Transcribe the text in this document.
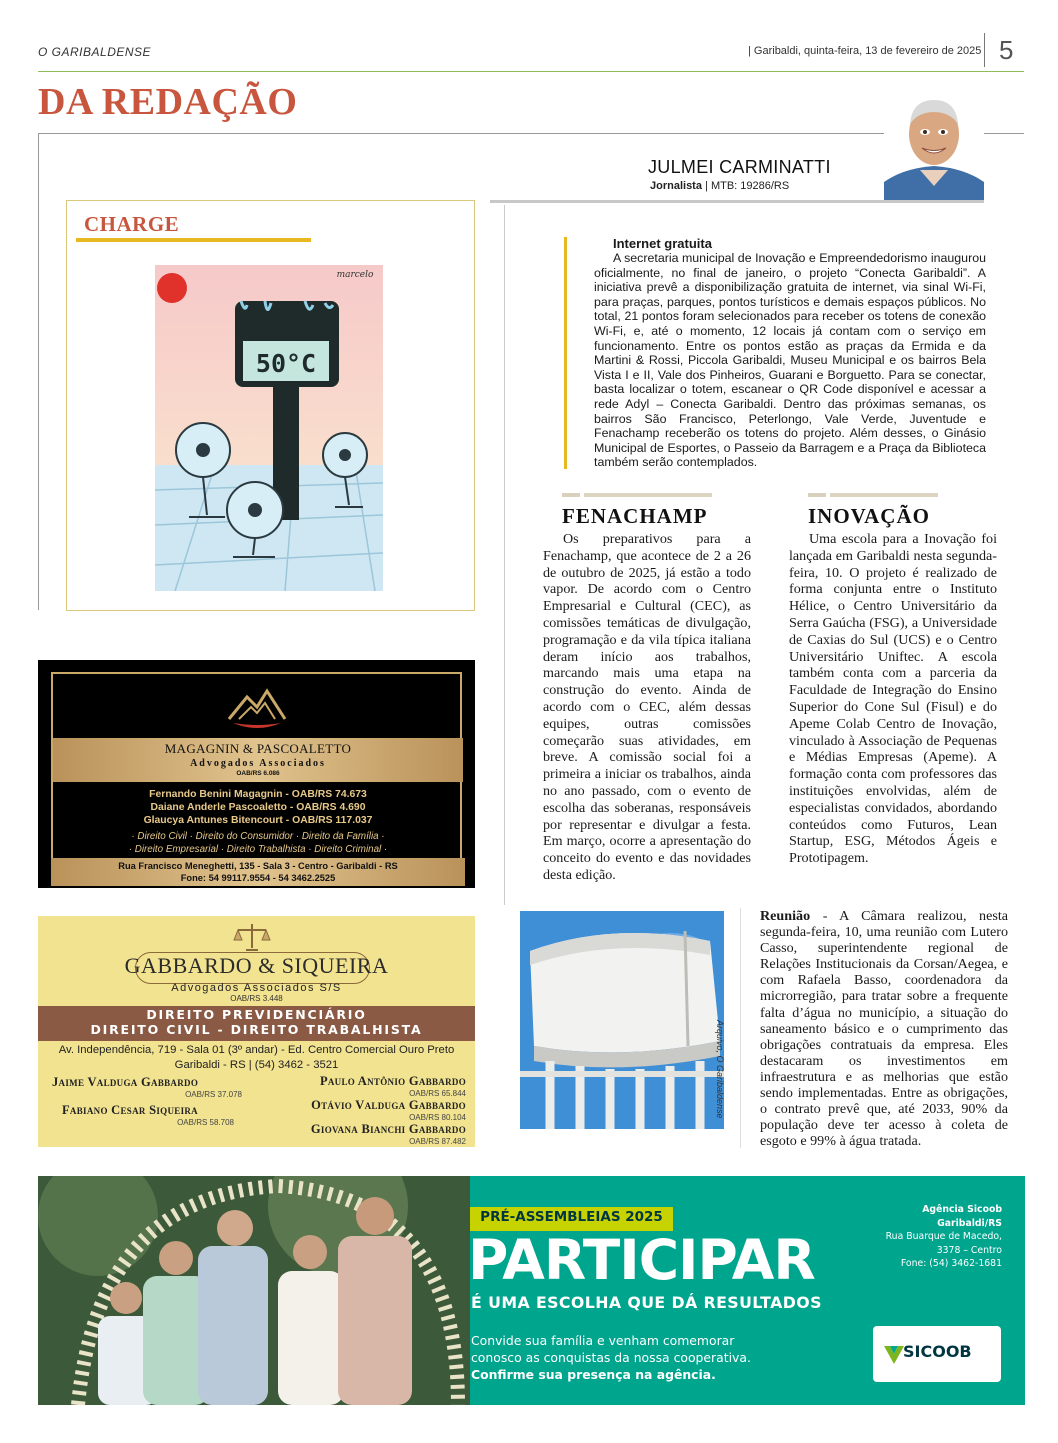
O GARIBALDENSE	| Garibaldi, quinta-feira, 13 de fevereiro de 2025 5
DA REDAÇÃO
JULMEI CARMINATTI
Jornalista | MTB: 19286/RS
CHARGE
50°C
marcelo
Internet gratuita

A secretaria municipal de Inovação e Empreendedorismo inaugurou oficialmente, no final de janeiro, o projeto “Conecta Garibaldi”. A iniciativa prevê a disponibilização gratuita de internet, via sinal Wi-Fi, para praças, parques, pontos turísticos e demais espaços públicos. No total, 21 pontos foram selecionados para receber os totens de conexão Wi-Fi, e, até o momento, 12 locais já contam com o serviço em funcionamento. Entre os pontos estão as praças da Ermida e da Martini & Rossi, Piccola Garibaldi, Museu Municipal e os bairros Bela Vista I e II, Vale dos Pinheiros, Guarani e Borguetto. Para se conectar, basta localizar o totem, escanear o QR Code disponível e acessar a rede Adyl – Conecta Garibaldi. Dentro das próximas semanas, os bairros São Francisco, Peterlongo, Vale Verde, Juventude e Fenachamp receberão os totens do projeto. Além desses, o Ginásio Municipal de Esportes, o Passeio da Barragem e a Praça da Biblioteca também serão contemplados.

FENACHAMP

Os preparativos para a Fenachamp, que acontece de 2 a 26 de outubro de 2025, já estão a todo vapor. De acordo com o Centro Empresarial e Cultural (CEC), as comissões temáticas de divulgação, programação e da vila típica italiana deram início aos trabalhos, marcando mais uma etapa na construção do evento. Ainda de acordo com o CEC, além dessas equipes, outras comissões começarão suas atividades, em breve. A comissão social foi a primeira a iniciar os trabalhos, ainda no ano passado, com o evento de escolha das soberanas, responsáveis por representar e divulgar a festa. Em março, ocorre a apresentação do conceito do evento e das novidades desta edição.

INOVAÇÃO

Uma escola para a Inovação foi lançada em Garibaldi nesta segunda-feira, 10. O projeto é realizado de forma conjunta entre o Instituto Hélice, o Centro Universitário da Serra Gaúcha (FSG), a Universidade de Caxias do Sul (UCS) e o Centro Universitário Uniftec. A escola também conta com a parceria da Faculdade de Integração do Ensino Superior do Cone Sul (Fisul) e do Apeme Colab Centro de Inovação, vinculado à Associação de Pequenas e Médias Empresas (Apeme). A formação conta com professores das instituições envolvidas, além de especialistas convidados, abordando conteúdos como Futuros, Lean Startup, ESG, Métodos Ágeis e Prototipagem.

Arquivo, O Garibaldense

Reunião - A Câmara realizou, nesta segunda-feira, 10, uma reunião com Lutero Casso, superintendente regional de Relações Institucionais da Corsan/Aegea, e com Rafaela Basso, coordenadora da microrregião, para tratar sobre a frequente falta d’água no município, a situação do saneamento básico e o cumprimento das obrigações contratuais da empresa. Eles destacaram os investimentos em infraestrutura e as melhorias que estão sendo implementadas. Entre as obrigações, o contrato prevê que, até 2033, 90% da população deve ter acesso à coleta de esgoto e 99% à água tratada.

MAGAGNIN & PASCOALETTO
Advogados Associados
OAB/RS 6.086
Fernando Benini Magagnin - OAB/RS 74.673
Daiane Anderle Pascoaletto - OAB/RS 4.690
Glaucya Antunes Bitencourt - OAB/RS 117.037
· Direito Civil · Direito do Consumidor · Direito da Família ·
· Direito Empresarial · Direito Trabalhista · Direito Criminal ·
Rua Francisco Meneghetti, 135 - Sala 3 - Centro - Garibaldi - RS
Fone: 54 99117.9554 - 54 3462.2525
GABBARDO & SIQUEIRA
Advogados Associados S/S
OAB/RS 3.448
DIREITO PREVIDENCIÁRIO
DIREITO CIVIL - DIREITO TRABALHISTA
Av. Independência, 719 - Sala 01 (3º andar) - Ed. Centro Comercial Ouro Preto
Garibaldi - RS | (54) 3462 - 3521
Jaime Valduga Gabbardo
OAB/RS 37.078
Fabiano Cesar Siqueira
OAB/RS 58.708
Paulo Antônio Gabbardo
OAB/RS 65.844
Otávio Valduga Gabbardo
OAB/RS 80.104
Giovana Bianchi Gabbardo
OAB/RS 87.482
PRÉ-ASSEMBLEIAS 2025
PARTICIPAR
É UMA ESCOLHA QUE DÁ RESULTADOS
Convide sua família e venham comemorar
conosco as conquistas da nossa cooperativa.
Confirme sua presença na agência.
Agência Sicoob
Garibaldi/RS
Rua Buarque de Macedo,
3378 – Centro
Fone: (54) 3462-1681
SICOOB
